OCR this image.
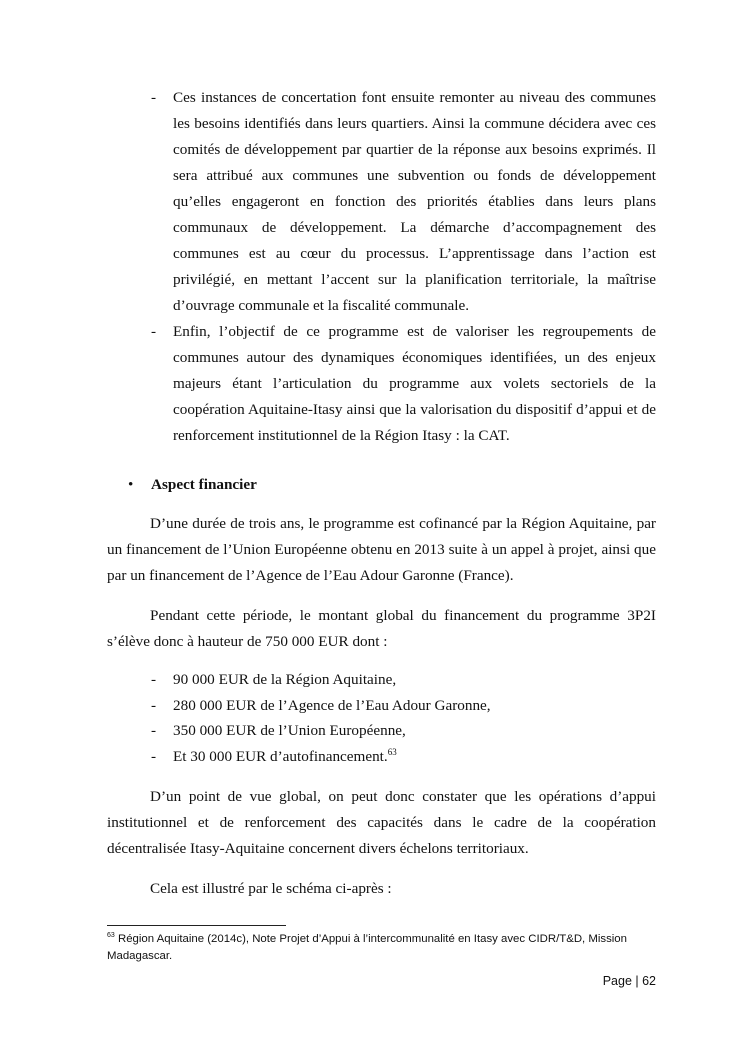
- Ces instances de concertation font ensuite remonter au niveau des communes les besoins identifiés dans leurs quartiers. Ainsi la commune décidera avec ces comités de développement par quartier de la réponse aux besoins exprimés. Il sera attribué aux communes une subvention ou fonds de développement qu’elles engageront en fonction des priorités établies dans leurs plans communaux de développement. La démarche d’accompagnement des communes est au cœur du processus. L’apprentissage dans l’action est privilégié, en mettant l’accent sur la planification territoriale, la maîtrise d’ouvrage communale et la fiscalité communale.
- Enfin, l’objectif de ce programme est de valoriser les regroupements de communes autour des dynamiques économiques identifiées, un des enjeux majeurs étant l’articulation du programme aux volets sectoriels de la coopération Aquitaine-Itasy ainsi que la valorisation du dispositif d’appui et de renforcement institutionnel de la Région Itasy : la CAT.
• Aspect financier

D’une durée de trois ans, le programme est cofinancé par la Région Aquitaine, par un financement de l’Union Européenne obtenu en 2013 suite à un appel à projet, ainsi que par un financement de l’Agence de l’Eau Adour Garonne (France).

Pendant cette période, le montant global du financement du programme 3P2I s’élève donc à hauteur de 750 000 EUR dont :

- 90 000 EUR de la Région Aquitaine,
- 280 000 EUR de l’Agence de l’Eau Adour Garonne,
- 350 000 EUR de l’Union Européenne,
- Et 30 000 EUR d’autofinancement.$^{63}$

D’un point de vue global, on peut donc constater que les opérations d’appui institutionnel et de renforcement des capacités dans le cadre de la coopération décentralisée Itasy-Aquitaine concernent divers échelons territoriaux.

Cela est illustré par le schéma ci-après :

$^{63}$ Région Aquitaine (2014c), Note Projet d’Appui à l’intercommunalité en Itasy avec CIDR/T&D, Mission Madagascar.
Page | 62
